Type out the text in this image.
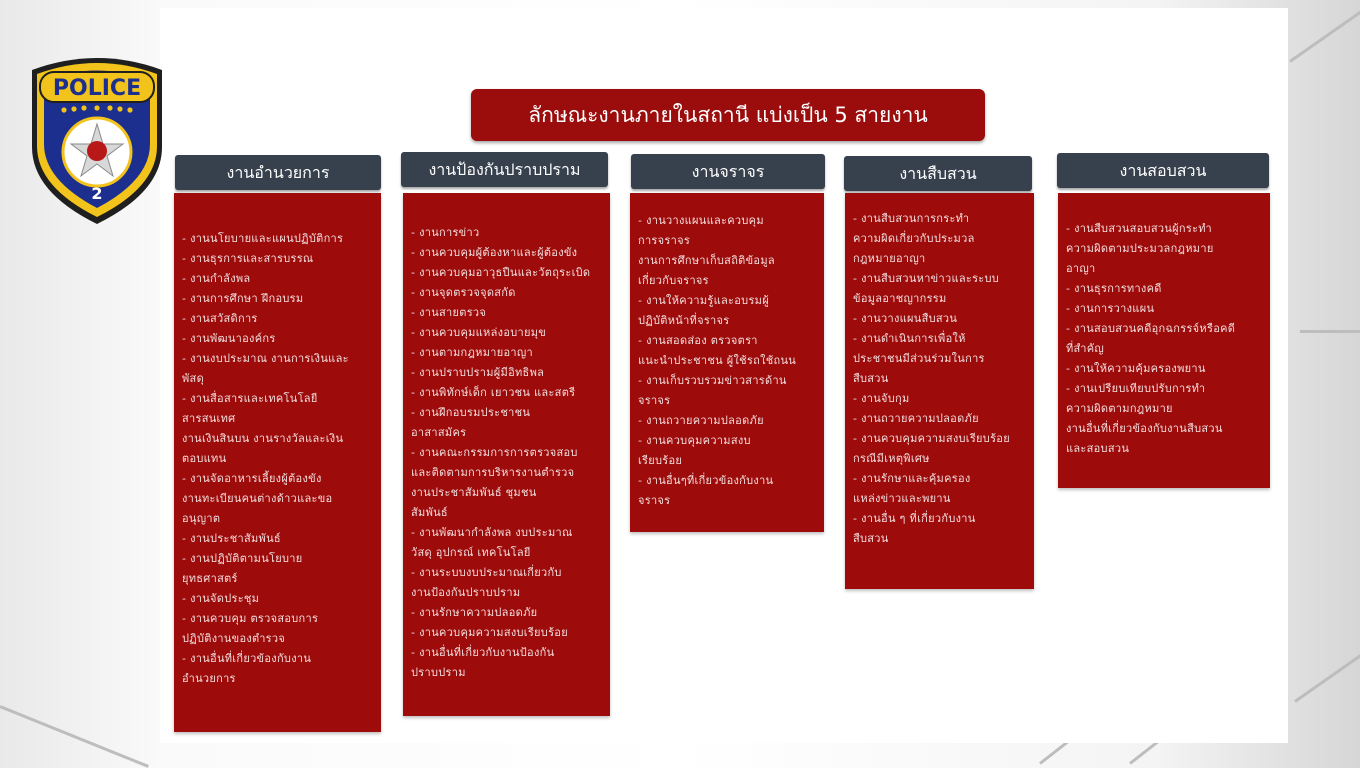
POLICE
2
ลักษณะงานภายในสถานี แบ่งเป็น 5 สายงาน
งานอำนวยการ
- งานนโยบายและแผนปฏิบัติการ
- งานธุรการและสารบรรณ
- งานกำลังพล
- งานการศึกษา ฝึกอบรม
- งานสวัสดิการ
- งานพัฒนาองค์กร
- งานงบประมาณ งานการเงินและ
พัสดุ
- งานสื่อสารและเทคโนโลยี
สารสนเทศ
งานเงินสินบน งานรางวัลและเงิน
ตอบแทน
- งานจัดอาหารเลี้ยงผู้ต้องขัง
งานทะเบียนคนต่างด้าวและขอ
อนุญาต
- งานประชาสัมพันธ์
- งานปฏิบัติตามนโยบาย
ยุทธศาสตร์
- งานจัดประชุม
- งานควบคุม ตรวจสอบการ
ปฏิบัติงานของตำรวจ
- งานอื่นที่เกี่ยวข้องกับงาน
อำนวยการ
งานป้องกันปราบปราม
- งานการข่าว
- งานควบคุมผู้ต้องหาและผู้ต้องขัง
- งานควบคุมอาวุธปืนและวัตถุระเบิด
- งานจุดตรวจจุดสกัด
- งานสายตรวจ
- งานควบคุมแหล่งอบายมุข
- งานตามกฎหมายอาญา
- งานปราบปรามผู้มีอิทธิพล
- งานพิทักษ์เด็ก เยาวชน และสตรี
- งานฝึกอบรมประชาชน
อาสาสมัคร
- งานคณะกรรมการการตรวจสอบ
และติดตามการบริหารงานตำรวจ
งานประชาสัมพันธ์ ชุมชน
สัมพันธ์
- งานพัฒนากำลังพล งบประมาณ
วัสดุ อุปกรณ์ เทคโนโลยี
- งานระบบงบประมาณเกี่ยวกับ
งานป้องกันปราบปราม
- งานรักษาความปลอดภัย
- งานควบคุมความสงบเรียบร้อย
- งานอื่นที่เกี่ยวกับงานป้องกัน
ปราบปราม
งานจราจร
- งานวางแผนและควบคุม
การจราจร
งานการศึกษาเก็บสถิติข้อมูล
เกี่ยวกับจราจร
- งานให้ความรู้และอบรมผู้
ปฏิบัติหน้าที่จราจร
- งานสอดส่อง ตรวจตรา
แนะนำประชาชน ผู้ใช้รถใช้ถนน
- งานเก็บรวบรวมข่าวสารด้าน
จราจร
- งานถวายความปลอดภัย
- งานควบคุมความสงบ
เรียบร้อย
- งานอื่นๆที่เกี่ยวข้องกับงาน
จราจร
งานสืบสวน
- งานสืบสวนการกระทำ
ความผิดเกี่ยวกับประมวล
กฎหมายอาญา
- งานสืบสวนหาข่าวและระบบ
ข้อมูลอาชญากรรม
- งานวางแผนสืบสวน
- งานดำเนินการเพื่อให้
ประชาชนมีส่วนร่วมในการ
สืบสวน
- งานจับกุม
- งานถวายความปลอดภัย
- งานควบคุมความสงบเรียบร้อย
กรณีมีเหตุพิเศษ
- งานรักษาและคุ้มครอง
แหล่งข่าวและพยาน
- งานอื่น ๆ ที่เกี่ยวกับงาน
สืบสวน
งานสอบสวน
- งานสืบสวนสอบสวนผู้กระทำ
ความผิดตามประมวลกฎหมาย
อาญา
- งานธุรการทางคดี
- งานการวางแผน
- งานสอบสวนคดีอุกฉกรรจ์หรือคดี
ที่สำคัญ
- งานให้ความคุ้มครองพยาน
- งานเปรียบเทียบปรับการทำ
ความผิดตามกฎหมาย
งานอื่นที่เกี่ยวข้องกับงานสืบสวน
และสอบสวน
